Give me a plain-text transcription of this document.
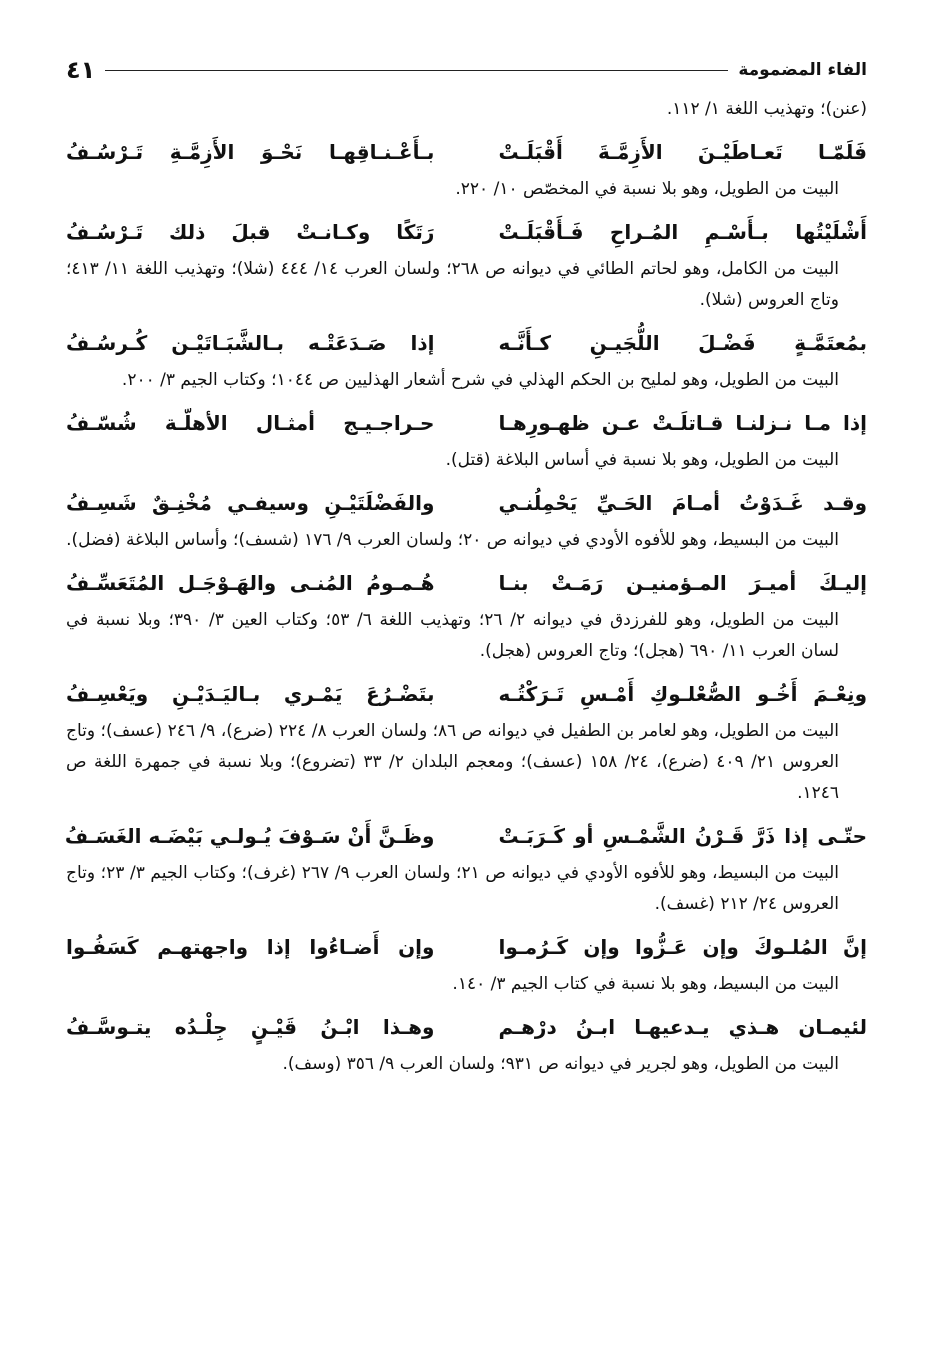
الفاء المضمومة
٤١
(عنن)؛ وتهذيب اللغة ١/ ١١٢.
فَلَمّـا تَعـاطَيْـنَ الأَزِمَّـةَ أَقْبَلَـتْ
بـأَعْـنـاقِهـا نَحْـوَ الأَزِمَّـةِ تَـرْسُـفُ
البيت من الطويل، وهو بلا نسبة في المخصّص ١٠/ ٢٢٠.
أَشْلَيْتُها بـأَسْـمِ المُـراحِ فَـأَقْبَلَـتْ
رَتَكًا وكـانـتْ قبلَ ذلك تَـرْسُـفُ
البيت من الكامل، وهو لحاتم الطائي في ديوانه ص ٢٦٨؛ ولسان العرب ١٤/ ٤٤٤ (شلا)؛ وتهذيب اللغة ١١/ ٤١٣؛ وتاج العروس (شلا).
بمُعتَمَّـةٍ فَضْـلَ اللُّجَيـنِ كـأَنَّـه
إذا صَـدَعَتْـه بـالشَّبَـاتَيْـن كُـرسُـفُ
البيت من الطويل، وهو لمليح بن الحكم الهذلي في شرح أشعار الهذليين ص ١٠٤٤؛ وكتاب الجيم ٣/ ٢٠٠.
إذا مـا نـزلنـا قـاتلَـتْ عـن ظهـورِهـا
حـراجـيـج أمثـال الأهلّـة شُسّـفُ
البيت من الطويل، وهو بلا نسبة في أساس البلاغة (قتل).
وقـد غَـدَوْتُ أمـامَ الحَـيِّ يَحْمِلُنـي
والفَضْلَتَيْـنِ وسيفـي مُخْنِـقٌ شَسِـفُ
البيت من البسيط، وهو للأفوه الأودي في ديوانه ص ٢٠؛ ولسان العرب ٩/ ١٧٦ (شسف)؛ وأساس البلاغة (فضل).
إليـكَ أميـرَ المـؤمنيـن رَمَـتْ بنـا
هُـمـومُ المُنـى والهَـوْجَـل المُتَعَسِّـفُ
البيت من الطويل، وهو للفرزدق في ديوانه ٢/ ٢٦؛ وتهذيب اللغة ٦/ ٥٣؛ وكتاب العين ٣/ ٣٩٠؛ وبلا نسبة في لسان العرب ١١/ ٦٩٠ (هجل)؛ وتاج العروس (هجل).
ونِعْـمَ أَخُـو الصُّعْلـوكِ أَمْـسِ تَـرَكْتُـه
بتَضْـرُعَ يَمْـري بـاليَـدَيْـنِ ويَعْسِـفُ
البيت من الطويل، وهو لعامر بن الطفيل في ديوانه ص ٨٦؛ ولسان العرب ٨/ ٢٢٤ (ضرع)، ٩/ ٢٤٦ (عسف)؛ وتاج العروس ٢١/ ٤٠٩ (ضرع)، ٢٤/ ١٥٨ (عسف)؛ ومعجم البلدان ٢/ ٣٣ (تضروع)؛ وبلا نسبة في جمهرة اللغة ص ١٢٤٦.
حتّـى إذا ذَرَّ قَـرْنُ الشَّمْـسِ أو كَـرَبَـتْ
وظَـنَّ أَنْ سَـوْفَ يُـولـي بَيْضَـه الغَسَـفُ
البيت من البسيط، وهو للأفوه الأودي في ديوانه ص ٢١؛ ولسان العرب ٩/ ٢٦٧ (غرف)؛ وكتاب الجيم ٣/ ٢٣؛ وتاج العروس ٢٤/ ٢١٢ (غسف).
إنَّ المُلـوكَ وإن عَـزُّوا وإن كَـرُمـوا
وإن أَضـاءُوا إذا واجهتهـم كَسَفُـوا
البيت من البسيط، وهو بلا نسبة في كتاب الجيم ٣/ ١٤٠.
لئيمـان هـذي يـدعيهـا ابـنُ درْهـم
وهـذا ابْـنُ قَيْـنٍ جِلْـدُه يتـوسَّـفُ
البيت من الطويل، وهو لجرير في ديوانه ص ٩٣١؛ ولسان العرب ٩/ ٣٥٦ (وسف).
